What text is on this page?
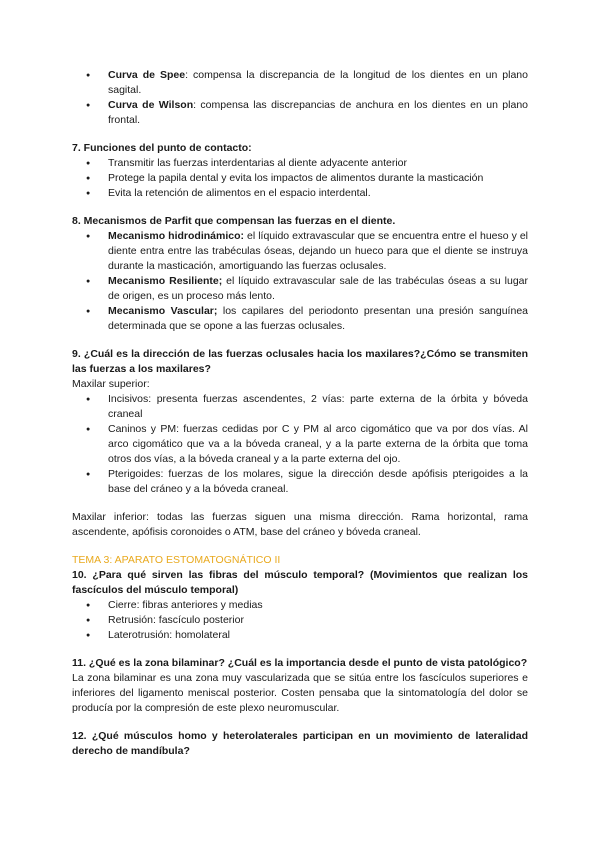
● Curva de Spee: compensa la discrepancia de la longitud de los dientes en un plano sagital.
● Curva de Wilson: compensa las discrepancias de anchura en los dientes en un plano frontal.
7. Funciones del punto de contacto:
● Transmitir las fuerzas interdentarias al diente adyacente anterior
● Protege la papila dental y evita los impactos de alimentos durante la masticación
● Evita la retención de alimentos en el espacio interdental.
8. Mecanismos de Parfit que compensan las fuerzas en el diente.
● Mecanismo hidrodinámico: el líquido extravascular que se encuentra entre el hueso y el diente entra entre las trabéculas óseas, dejando un hueco para que el diente se instruya durante la masticación, amortiguando las fuerzas oclusales.
● Mecanismo Resiliente; el líquido extravascular sale de las trabéculas óseas a su lugar de origen, es un proceso más lento.
● Mecanismo Vascular; los capilares del periodonto presentan una presión sanguínea determinada que se opone a las fuerzas oclusales.
9. ¿Cuál es la dirección de las fuerzas oclusales hacia los maxilares?¿Cómo se transmiten las fuerzas a los maxilares?

Maxilar superior:

● Incisivos: presenta fuerzas ascendentes, 2 vías: parte externa de la órbita y bóveda craneal
● Caninos y PM: fuerzas cedidas por C y PM al arco cigomático que va por dos vías. Al arco cigomático que va a la bóveda craneal, y a la parte externa de la órbita que toma otros dos vías, a la bóveda craneal y a la parte externa del ojo.
● Pterigoides: fuerzas de los molares, sigue la dirección desde apófisis pterigoides a la base del cráneo y a la bóveda craneal.

Maxilar inferior: todas las fuerzas siguen una misma dirección. Rama horizontal, rama ascendente, apófisis coronoides o ATM, base del cráneo y bóveda craneal.

TEMA 3: APARATO ESTOMATOGNÁTICO II
10. ¿Para qué sirven las fibras del músculo temporal? (Movimientos que realizan los fascículos del músculo temporal)
● Cierre: fibras anteriores y medias
● Retrusión: fascículo posterior
● Laterotrusión: homolateral
11. ¿Qué es la zona bilaminar? ¿Cuál es la importancia desde el punto de vista patológico?

La zona bilaminar es una zona muy vascularizada que se sitúa entre los fascículos superiores e inferiores del ligamento meniscal posterior. Costen pensaba que la sintomatología del dolor se producía por la compresión de este plexo neuromuscular.

12. ¿Qué músculos homo y heterolaterales participan en un movimiento de lateralidad derecho de mandíbula?
